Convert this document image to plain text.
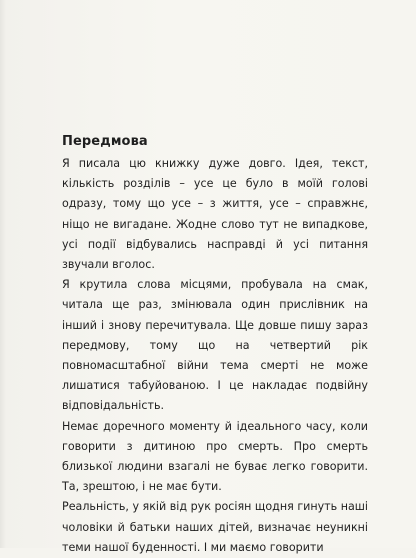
Передмова

Я писала цю книжку дуже довго. Ідея, текст, кількість розділів – усе це було в моїй голові одразу, тому що усе – з життя, усе – справжнє, ніщо не вигадане. Жодне слово тут не випадкове, усі події відбувались насправді й усі питання звучали вголос.

Я крутила слова місцями, пробувала на смак, читала ще раз, змінювала один прислівник на інший і знову перечитувала. Ще довше пишу зараз передмову, тому що на четвертий рік повномасштабної війни тема смерті не може лишатися табуйованою. І це накладає подвійну відповідальність.

Немає доречного моменту й ідеального часу, коли говорити з дитиною про смерть. Про смерть близької людини взагалі не буває легко говорити. Та, зрештою, і не має бути.

Реальність, у якій від рук росіян щодня гинуть наші чоловіки й батьки наших дітей, визначає неуникні теми нашої буденності. І ми маємо говорити
